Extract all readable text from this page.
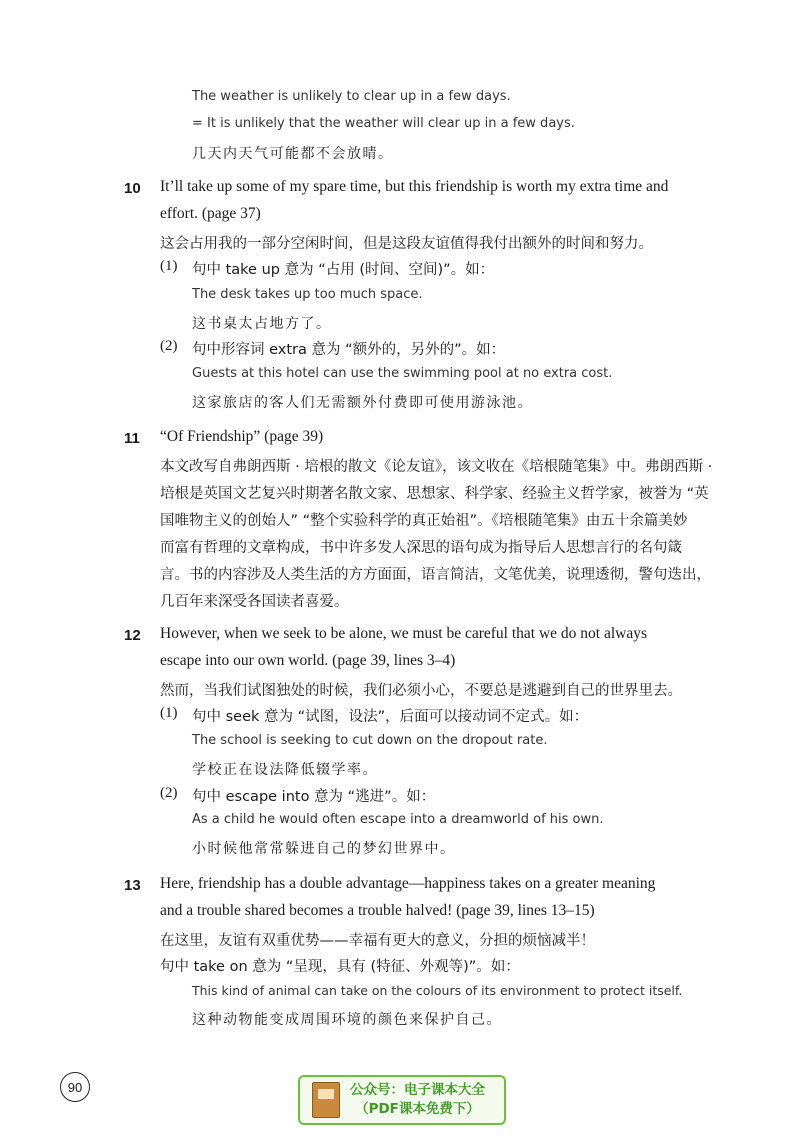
The weather is unlikely to clear up in a few days.
= It is unlikely that the weather will clear up in a few days.
几天内天气可能都不会放晴。
10 It’ll take up some of my spare time, but this friendship is worth my extra time and
effort. (page 37)
这会占用我的一部分空闲时间，但是这段友谊值得我付出额外的时间和努力。
(1) 句中 take up 意为 “占用 (时间、空间)”。如：
The desk takes up too much space.
这书桌太占地方了。
(2) 句中形容词 extra 意为 “额外的，另外的”。如：
Guests at this hotel can use the swimming pool at no extra cost.
这家旅店的客人们无需额外付费即可使用游泳池。
11 “Of Friendship” (page 39)
本文改写自弗朗西斯 · 培根的散文《论友谊》，该文收在《培根随笔集》中。弗朗西斯 ·
培根是英国文艺复兴时期著名散文家、思想家、科学家、经验主义哲学家，被誉为 “英
国唯物主义的创始人” “整个实验科学的真正始祖”。《培根随笔集》由五十余篇美妙
而富有哲理的文章构成，书中许多发人深思的语句成为指导后人思想言行的名句箴
言。书的内容涉及人类生活的方方面面，语言简洁，文笔优美，说理透彻，警句迭出，
几百年来深受各国读者喜爱。
12 However, when we seek to be alone, we must be careful that we do not always
escape into our own world. (page 39, lines 3–4)
然而，当我们试图独处的时候，我们必须小心，不要总是逃避到自己的世界里去。
(1) 句中 seek 意为 “试图，设法”，后面可以接动词不定式。如：
The school is seeking to cut down on the dropout rate.
学校正在设法降低辍学率。
(2) 句中 escape into 意为 “逃进”。如：
As a child he would often escape into a dreamworld of his own.
小时候他常常躲进自己的梦幻世界中。
13 Here, friendship has a double advantage—happiness takes on a greater meaning
and a trouble shared becomes a trouble halved! (page 39, lines 13–15)
在这里，友谊有双重优势——幸福有更大的意义，分担的烦恼减半！
句中 take on 意为 “呈现，具有 (特征、外观等)”。如：
This kind of animal can take on the colours of its environment to protect itself.
这种动物能变成周围环境的颜色来保护自己。
90	公众号：电子课本大全
（PDF课本免费下）
